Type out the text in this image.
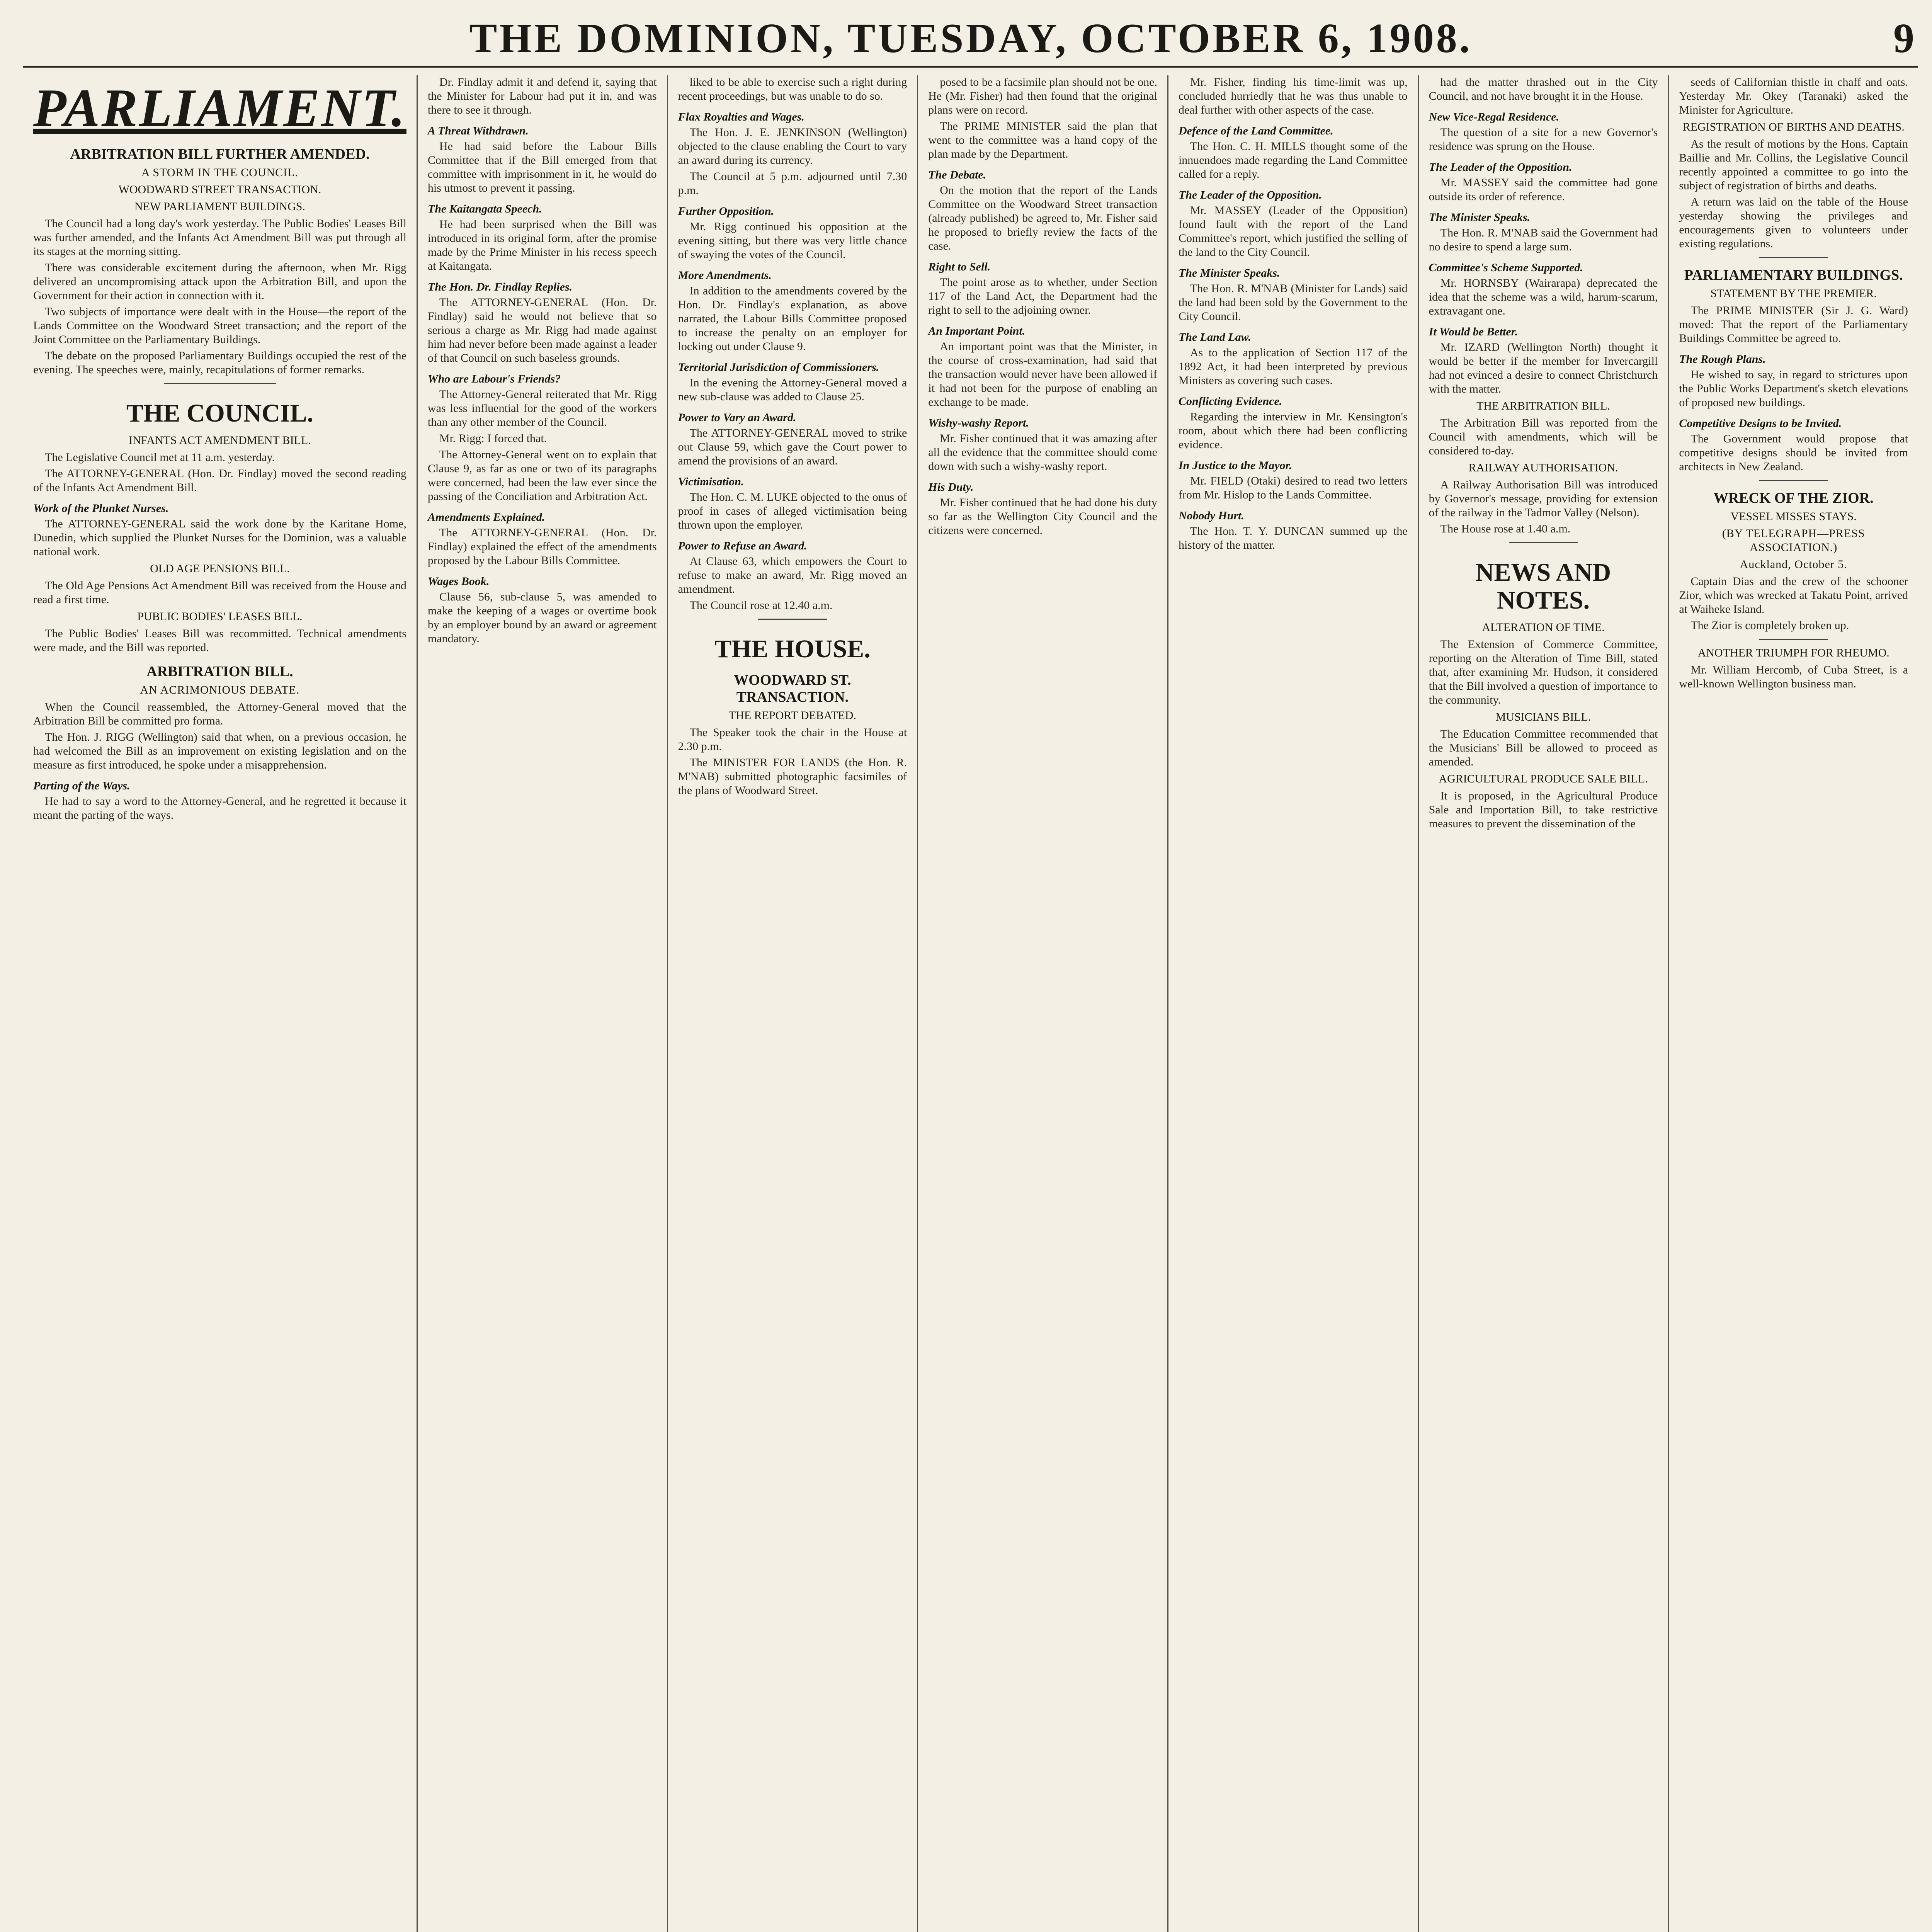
THE DOMINION, TUESDAY, OCTOBER 6, 1908.	9
PARLIAMENT.
ARBITRATION BILL FURTHER AMENDED.
A STORM IN THE COUNCIL.
WOODWARD STREET TRANSACTION.
NEW PARLIAMENT BUILDINGS.

The Council had a long day's work yesterday. The Public Bodies' Leases Bill was further amended, and the Infants Act Amendment Bill was put through all its stages at the morning sitting.

There was considerable excitement during the afternoon, when Mr. Rigg delivered an uncompromising attack upon the Arbitration Bill, and upon the Government for their action in connection with it.

Two subjects of importance were dealt with in the House—the report of the Lands Committee on the Woodward Street transaction; and the report of the Joint Committee on the Parliamentary Buildings.

The debate on the proposed Parliamentary Buildings occupied the rest of the evening. The speeches were, mainly, recapitulations of former remarks.

THE COUNCIL.
INFANTS ACT AMENDMENT BILL.

The Legislative Council met at 11 a.m. yesterday.

The ATTORNEY-GENERAL (Hon. Dr. Findlay) moved the second reading of the Infants Act Amendment Bill.

Work of the Plunket Nurses.

The ATTORNEY-GENERAL said the work done by the Karitane Home, Dunedin, which supplied the Plunket Nurses for the Dominion, was a valuable national work.

OLD AGE PENSIONS BILL.

The Old Age Pensions Act Amendment Bill was received from the House and read a first time.

PUBLIC BODIES' LEASES BILL.

The Public Bodies' Leases Bill was recommitted. Technical amendments were made, and the Bill was reported.

ARBITRATION BILL.
AN ACRIMONIOUS DEBATE.

When the Council reassembled, the Attorney-General moved that the Arbitration Bill be committed pro forma.

The Hon. J. RIGG (Wellington) said that when, on a previous occasion, he had welcomed the Bill as an improvement on existing legislation and on the measure as first introduced, he spoke under a misapprehension.

Parting of the Ways.

He had to say a word to the Attorney-General, and he regretted it because it meant the parting of the ways.

Dr. Findlay admit it and defend it, saying that the Minister for Labour had put it in, and was there to see it through.

A Threat Withdrawn.

He had said before the Labour Bills Committee that if the Bill emerged from that committee with imprisonment in it, he would do his utmost to prevent it passing.

The Kaitangata Speech.

He had been surprised when the Bill was introduced in its original form, after the promise made by the Prime Minister in his recess speech at Kaitangata.

The Hon. Dr. Findlay Replies.

The ATTORNEY-GENERAL (Hon. Dr. Findlay) said he would not believe that so serious a charge as Mr. Rigg had made against him had never before been made against a leader of that Council on such baseless grounds.

Who are Labour's Friends?

The Attorney-General reiterated that Mr. Rigg was less influential for the good of the workers than any other member of the Council.

Mr. Rigg: I forced that.

The Attorney-General went on to explain that Clause 9, as far as one or two of its paragraphs were concerned, had been the law ever since the passing of the Conciliation and Arbitration Act.

Amendments Explained.

The ATTORNEY-GENERAL (Hon. Dr. Findlay) explained the effect of the amendments proposed by the Labour Bills Committee.

Wages Book.

Clause 56, sub-clause 5, was amended to make the keeping of a wages or overtime book by an employer bound by an award or agreement mandatory.

liked to be able to exercise such a right during recent proceedings, but was unable to do so.

Flax Royalties and Wages.

The Hon. J. E. JENKINSON (Wellington) objected to the clause enabling the Court to vary an award during its currency.

The Council at 5 p.m. adjourned until 7.30 p.m.

Further Opposition.

Mr. Rigg continued his opposition at the evening sitting, but there was very little chance of swaying the votes of the Council.

More Amendments.

In addition to the amendments covered by the Hon. Dr. Findlay's explanation, as above narrated, the Labour Bills Committee proposed to increase the penalty on an employer for locking out under Clause 9.

Territorial Jurisdiction of Commissioners.

In the evening the Attorney-General moved a new sub-clause was added to Clause 25.

Power to Vary an Award.

The ATTORNEY-GENERAL moved to strike out Clause 59, which gave the Court power to amend the provisions of an award.

Victimisation.

The Hon. C. M. LUKE objected to the onus of proof in cases of alleged victimisation being thrown upon the employer.

Power to Refuse an Award.

At Clause 63, which empowers the Court to refuse to make an award, Mr. Rigg moved an amendment.

The Council rose at 12.40 a.m.

THE HOUSE.
WOODWARD ST. TRANSACTION.
THE REPORT DEBATED.

The Speaker took the chair in the House at 2.30 p.m.

The MINISTER FOR LANDS (the Hon. R. M'NAB) submitted photographic facsimiles of the plans of Woodward Street.

posed to be a facsimile plan should not be one. He (Mr. Fisher) had then found that the original plans were on record.

The PRIME MINISTER said the plan that went to the committee was a hand copy of the plan made by the Department.

The Debate.

On the motion that the report of the Lands Committee on the Woodward Street transaction (already published) be agreed to, Mr. Fisher said he proposed to briefly review the facts of the case.

Right to Sell.

The point arose as to whether, under Section 117 of the Land Act, the Department had the right to sell to the adjoining owner.

An Important Point.

An important point was that the Minister, in the course of cross-examination, had said that the transaction would never have been allowed if it had not been for the purpose of enabling an exchange to be made.

Wishy-washy Report.

Mr. Fisher continued that it was amazing after all the evidence that the committee should come down with such a wishy-washy report.

His Duty.

Mr. Fisher continued that he had done his duty so far as the Wellington City Council and the citizens were concerned.

Mr. Fisher, finding his time-limit was up, concluded hurriedly that he was thus unable to deal further with other aspects of the case.

Defence of the Land Committee.

The Hon. C. H. MILLS thought some of the innuendoes made regarding the Land Committee called for a reply.

The Leader of the Opposition.

Mr. MASSEY (Leader of the Opposition) found fault with the report of the Land Committee's report, which justified the selling of the land to the City Council.

The Minister Speaks.

The Hon. R. M'NAB (Minister for Lands) said the land had been sold by the Government to the City Council.

The Land Law.

As to the application of Section 117 of the 1892 Act, it had been interpreted by previous Ministers as covering such cases.

Conflicting Evidence.

Regarding the interview in Mr. Kensington's room, about which there had been conflicting evidence.

In Justice to the Mayor.

Mr. FIELD (Otaki) desired to read two letters from Mr. Hislop to the Lands Committee.

Nobody Hurt.

The Hon. T. Y. DUNCAN summed up the history of the matter.

had the matter thrashed out in the City Council, and not have brought it in the House.

New Vice-Regal Residence.

The question of a site for a new Governor's residence was sprung on the House.

The Leader of the Opposition.

Mr. MASSEY said the committee had gone outside its order of reference.

The Minister Speaks.

The Hon. R. M'NAB said the Government had no desire to spend a large sum.

Committee's Scheme Supported.

Mr. HORNSBY (Wairarapa) deprecated the idea that the scheme was a wild, harum-scarum, extravagant one.

It Would be Better.

Mr. IZARD (Wellington North) thought it would be better if the member for Invercargill had not evinced a desire to connect Christchurch with the matter.

THE ARBITRATION BILL.

The Arbitration Bill was reported from the Council with amendments, which will be considered to-day.

RAILWAY AUTHORISATION.

A Railway Authorisation Bill was introduced by Governor's message, providing for extension of the railway in the Tadmor Valley (Nelson).

The House rose at 1.40 a.m.

NEWS AND NOTES.
ALTERATION OF TIME.

The Extension of Commerce Committee, reporting on the Alteration of Time Bill, stated that, after examining Mr. Hudson, it considered that the Bill involved a question of importance to the community.

MUSICIANS BILL.

The Education Committee recommended that the Musicians' Bill be allowed to proceed as amended.

AGRICULTURAL PRODUCE SALE BILL.

It is proposed, in the Agricultural Produce Sale and Importation Bill, to take restrictive measures to prevent the dissemination of the

seeds of Californian thistle in chaff and oats. Yesterday Mr. Okey (Taranaki) asked the Minister for Agriculture.

REGISTRATION OF BIRTHS AND DEATHS.

As the result of motions by the Hons. Captain Baillie and Mr. Collins, the Legislative Council recently appointed a committee to go into the subject of registration of births and deaths.

A return was laid on the table of the House yesterday showing the privileges and encouragements given to volunteers under existing regulations.

PARLIAMENTARY BUILDINGS.
STATEMENT BY THE PREMIER.

The PRIME MINISTER (Sir J. G. Ward) moved: That the report of the Parliamentary Buildings Committee be agreed to.

The Rough Plans.

He wished to say, in regard to strictures upon the Public Works Department's sketch elevations of proposed new buildings.

Competitive Designs to be Invited.

The Government would propose that competitive designs should be invited from architects in New Zealand.

WRECK OF THE ZIOR.
VESSEL MISSES STAYS.
(BY TELEGRAPH—PRESS ASSOCIATION.)
Auckland, October 5.

Captain Dias and the crew of the schooner Zior, which was wrecked at Takatu Point, arrived at Waiheke Island.

The Zior is completely broken up.

ANOTHER TRIUMPH FOR RHEUMO.

Mr. William Hercomb, of Cuba Street, is a well-known Wellington business man.
